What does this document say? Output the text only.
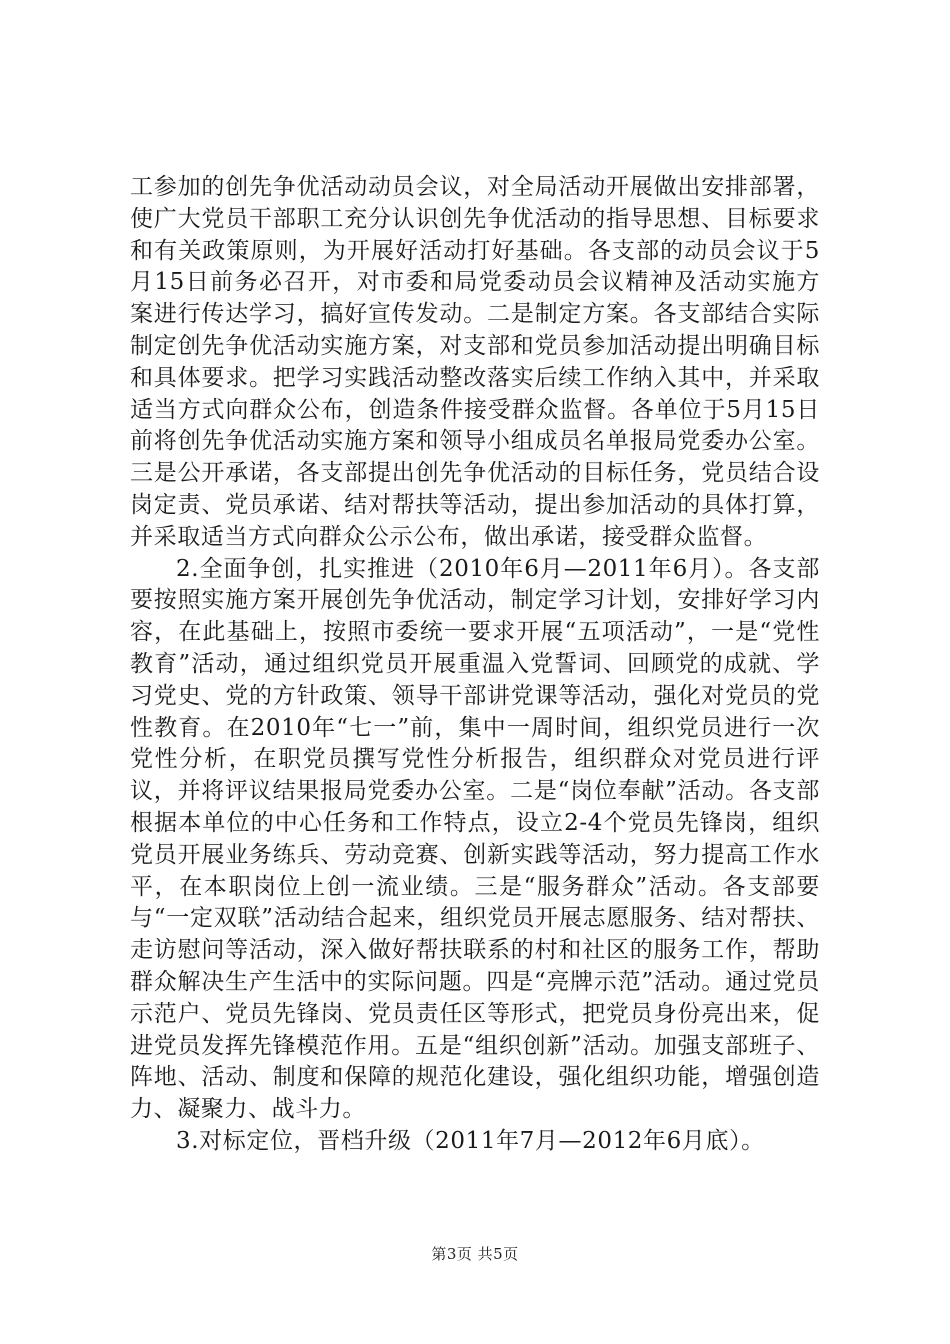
工参加的创先争优活动动员会议，对全局活动开展做出安排部署，使广大党员干部职工充分认识创先争优活动的指导思想、目标要求和有关政策原则，为开展好活动打好基础。各支部的动员会议于5月15日前务必召开，对市委和局党委动员会议精神及活动实施方案进行传达学习，搞好宣传发动。二是制定方案。各支部结合实际制定创先争优活动实施方案，对支部和党员参加活动提出明确目标和具体要求。把学习实践活动整改落实后续工作纳入其中，并采取适当方式向群众公布，创造条件接受群众监督。各单位于5月15日前将创先争优活动实施方案和领导小组成员名单报局党委办公室。三是公开承诺，各支部提出创先争优活动的目标任务，党员结合设岗定责、党员承诺、结对帮扶等活动，提出参加活动的具体打算，并采取适当方式向群众公示公布，做出承诺，接受群众监督。

2.全面争创，扎实推进（2010年6月—2011年6月）。各支部要按照实施方案开展创先争优活动，制定学习计划，安排好学习内容，在此基础上，按照市委统一要求开展“五项活动”，一是“党性教育”活动，通过组织党员开展重温入党誓词、回顾党的成就、学习党史、党的方针政策、领导干部讲党课等活动，强化对党员的党性教育。在2010年“七一”前，集中一周时间，组织党员进行一次党性分析，在职党员撰写党性分析报告，组织群众对党员进行评议，并将评议结果报局党委办公室。二是“岗位奉献”活动。各支部根据本单位的中心任务和工作特点，设立2-4个党员先锋岗，组织党员开展业务练兵、劳动竞赛、创新实践等活动，努力提高工作水平，在本职岗位上创一流业绩。三是“服务群众”活动。各支部要与“一定双联”活动结合起来，组织党员开展志愿服务、结对帮扶、走访慰问等活动，深入做好帮扶联系的村和社区的服务工作，帮助群众解决生产生活中的实际问题。四是“亮牌示范”活动。通过党员示范户、党员先锋岗、党员责任区等形式，把党员身份亮出来，促进党员发挥先锋模范作用。五是“组织创新”活动。加强支部班子、阵地、活动、制度和保障的规范化建设，强化组织功能，增强创造力、凝聚力、战斗力。

3.对标定位，晋档升级（2011年7月—2012年6月底）。

第3页 共5页
